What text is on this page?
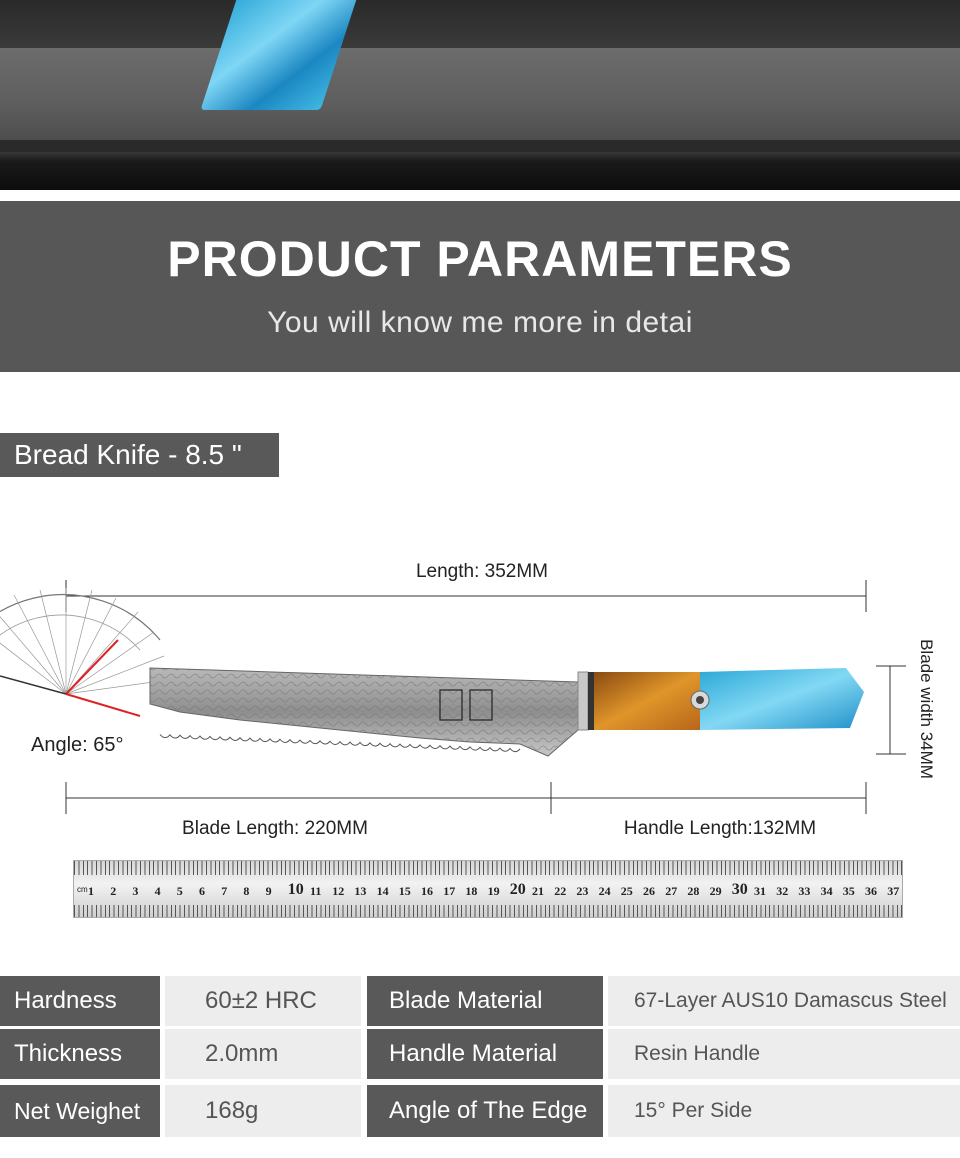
PRODUCT PARAMETERS
You will know me more in detai
Bread Knife - 8.5 "
Length: 352MM
Angle: 65°	Blade width 34MM
Blade Length: 220MM	Handle Length:132MM
cm 1 2 3 4 5 6 7 8 9 10 11 12 13 14 15 16 17 18 19 20 21 22 23 24 25 26 27 28 29 30 31 32 33 34 35 36 37
Hardness	60±2 HRC	Blade Material	67-Layer AUS10 Damascus Steel
Thickness	2.0mm	Handle Material	Resin Handle
Net Weighet	168g	Angle of The Edge	15° Per Side
